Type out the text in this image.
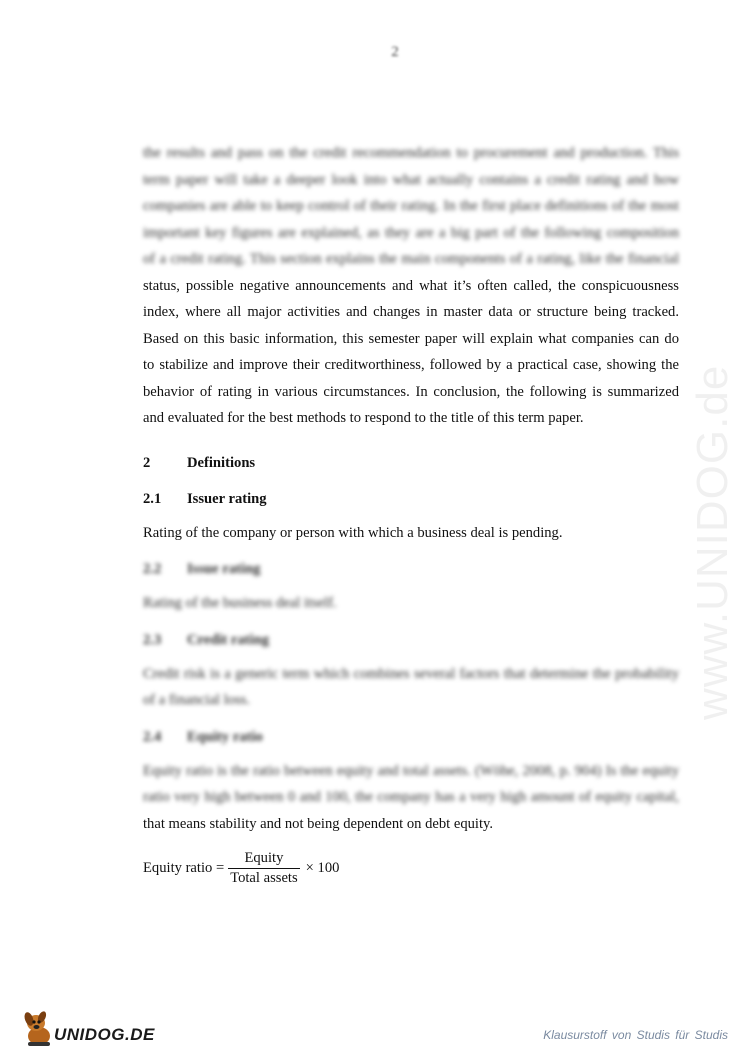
2
www.UNIDOG.de
the results and pass on the credit recommendation to procurement and production. This
term paper will take a deeper look into what actually contains a credit rating and how
companies are able to keep control of their rating. In the first place definitions of the most
important key figures are explained, as they are a big part of the following composition
of a credit rating. This section explains the main components of a rating, like the financial
status, possible negative announcements and what it’s often called, the conspicuousness
index, where all major activities and changes in master data or structure being tracked.
Based on this basic information, this semester paper will explain what companies can do
to stabilize and improve their creditworthiness, followed by a practical case, showing the
behavior of rating in various circumstances. In conclusion, the following is summarized
and evaluated for the best methods to respond to the title of this term paper.
2	Definitions
2.1	Issuer rating
Rating of the company or person with which a business deal is pending.
2.2	Issue rating
Rating of the business deal itself.
2.3	Credit rating
Credit risk is a generic term which combines several factors that determine the probability
of a financial loss.
2.4	Equity ratio
Equity ratio is the ratio between equity and total assets. (Wöhe, 2008, p. 904) Is the equity
ratio very high between 0 and 100, the company has a very high amount of equity capital,
that means stability and not being dependent on debt equity.
Equity ratio = $\frac{\text{Equity}}{\text{Total assets}} \times 100$
UNIDOG.DE	Klausurstoff von Studis für Studis
